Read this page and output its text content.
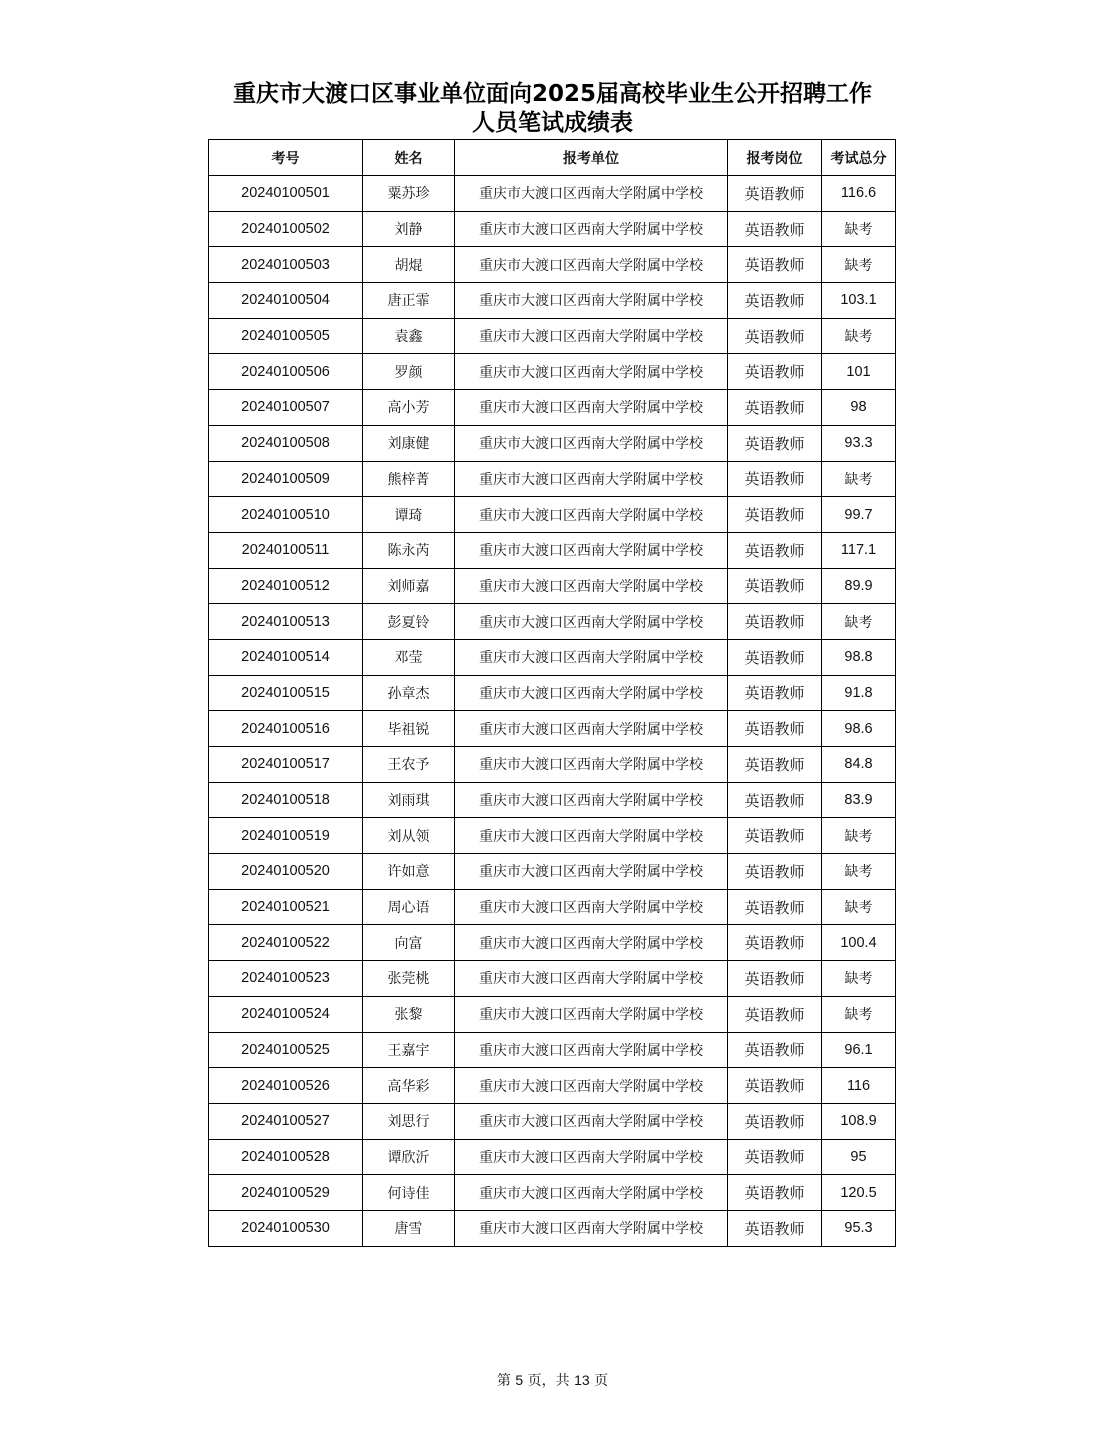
重庆市大渡口区事业单位面向2025届高校毕业生公开招聘工作
人员笔试成绩表
考号	姓名	报考单位	报考岗位	考试总分
20240100501	粟苏珍	重庆市大渡口区西南大学附属中学校	英语教师	116.6
20240100502	刘静	重庆市大渡口区西南大学附属中学校	英语教师	缺考
20240100503	胡焜	重庆市大渡口区西南大学附属中学校	英语教师	缺考
20240100504	唐正霏	重庆市大渡口区西南大学附属中学校	英语教师	103.1
20240100505	袁鑫	重庆市大渡口区西南大学附属中学校	英语教师	缺考
20240100506	罗颜	重庆市大渡口区西南大学附属中学校	英语教师	101
20240100507	高小芳	重庆市大渡口区西南大学附属中学校	英语教师	98
20240100508	刘康健	重庆市大渡口区西南大学附属中学校	英语教师	93.3
20240100509	熊梓菁	重庆市大渡口区西南大学附属中学校	英语教师	缺考
20240100510	谭琦	重庆市大渡口区西南大学附属中学校	英语教师	99.7
20240100511	陈永芮	重庆市大渡口区西南大学附属中学校	英语教师	117.1
20240100512	刘师嘉	重庆市大渡口区西南大学附属中学校	英语教师	89.9
20240100513	彭夏铃	重庆市大渡口区西南大学附属中学校	英语教师	缺考
20240100514	邓莹	重庆市大渡口区西南大学附属中学校	英语教师	98.8
20240100515	孙章杰	重庆市大渡口区西南大学附属中学校	英语教师	91.8
20240100516	毕祖锐	重庆市大渡口区西南大学附属中学校	英语教师	98.6
20240100517	王农予	重庆市大渡口区西南大学附属中学校	英语教师	84.8
20240100518	刘雨琪	重庆市大渡口区西南大学附属中学校	英语教师	83.9
20240100519	刘从领	重庆市大渡口区西南大学附属中学校	英语教师	缺考
20240100520	许如意	重庆市大渡口区西南大学附属中学校	英语教师	缺考
20240100521	周心语	重庆市大渡口区西南大学附属中学校	英语教师	缺考
20240100522	向富	重庆市大渡口区西南大学附属中学校	英语教师	100.4
20240100523	张莞桃	重庆市大渡口区西南大学附属中学校	英语教师	缺考
20240100524	张黎	重庆市大渡口区西南大学附属中学校	英语教师	缺考
20240100525	王嘉宇	重庆市大渡口区西南大学附属中学校	英语教师	96.1
20240100526	高华彩	重庆市大渡口区西南大学附属中学校	英语教师	116
20240100527	刘思行	重庆市大渡口区西南大学附属中学校	英语教师	108.9
20240100528	谭欣沂	重庆市大渡口区西南大学附属中学校	英语教师	95
20240100529	何诗佳	重庆市大渡口区西南大学附属中学校	英语教师	120.5
20240100530	唐雪	重庆市大渡口区西南大学附属中学校	英语教师	95.3
第 5 页，共 13 页
